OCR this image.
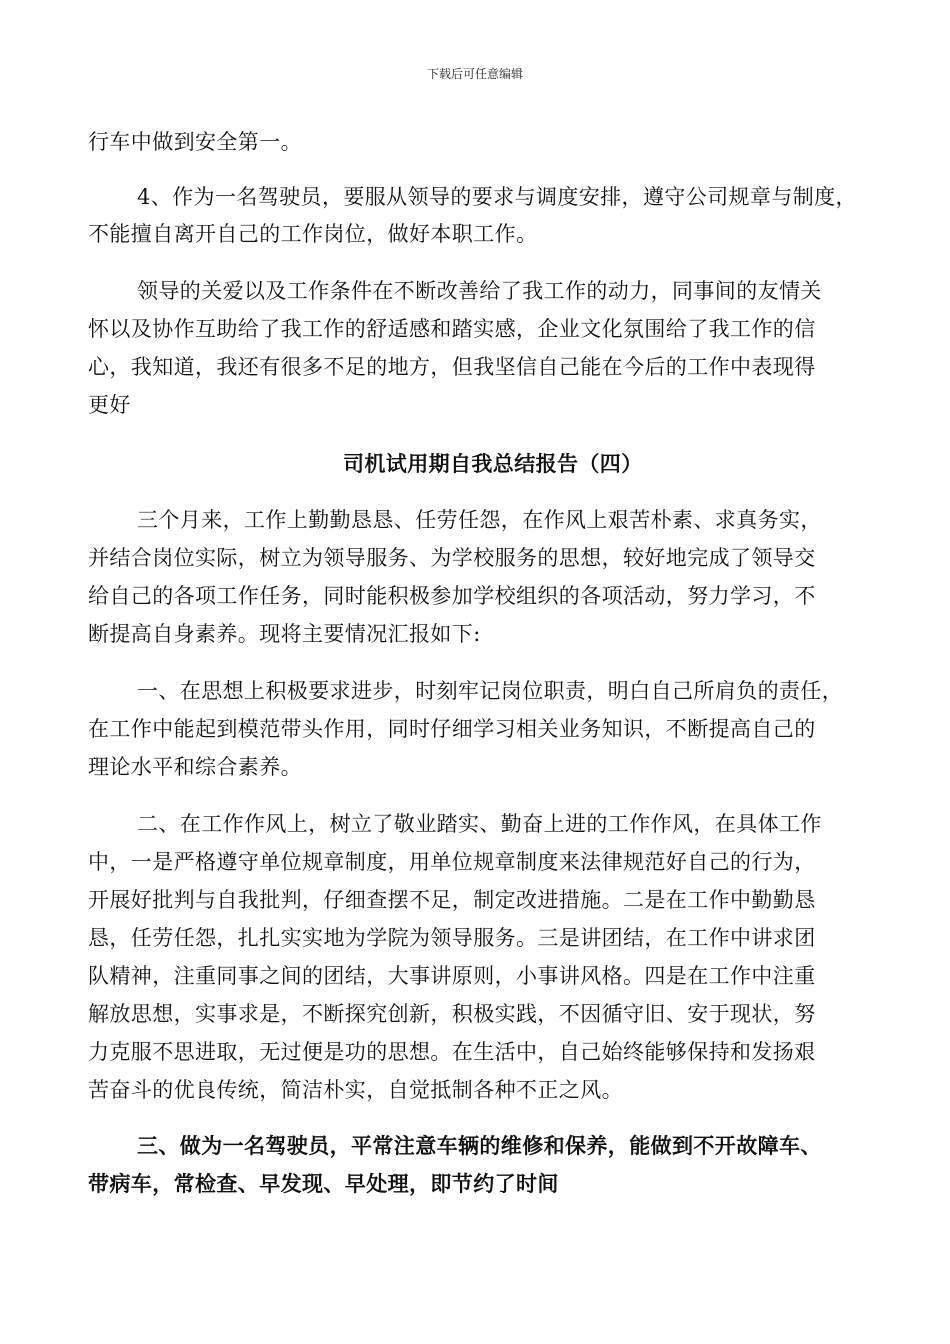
下载后可任意编辑
行车中做到安全第一。
4、作为一名驾驶员，要服从领导的要求与调度安排，遵守公司规章与制度，
不能擅自离开自己的工作岗位，做好本职工作。
领导的关爱以及工作条件在不断改善给了我工作的动力，同事间的友情关
怀以及协作互助给了我工作的舒适感和踏实感，企业文化氛围给了我工作的信
心，我知道，我还有很多不足的地方，但我坚信自己能在今后的工作中表现得
更好
司机试用期自我总结报告（四）
三个月来，工作上勤勤恳恳、任劳任怨，在作风上艰苦朴素、求真务实，
并结合岗位实际，树立为领导服务、为学校服务的思想，较好地完成了领导交
给自己的各项工作任务，同时能积极参加学校组织的各项活动，努力学习，不
断提高自身素养。现将主要情况汇报如下:
一、在思想上积极要求进步，时刻牢记岗位职责，明白自己所肩负的责任，
在工作中能起到模范带头作用，同时仔细学习相关业务知识，不断提高自己的
理论水平和综合素养。
二、在工作作风上，树立了敬业踏实、勤奋上进的工作作风，在具体工作
中，一是严格遵守单位规章制度，用单位规章制度来法律规范好自己的行为，
开展好批判与自我批判，仔细查摆不足，制定改进措施。二是在工作中勤勤恳
恳，任劳任怨，扎扎实实地为学院为领导服务。三是讲团结，在工作中讲求团
队精神，注重同事之间的团结，大事讲原则，小事讲风格。四是在工作中注重
解放思想，实事求是，不断探究创新，积极实践，不因循守旧、安于现状，努
力克服不思进取，无过便是功的思想。在生活中，自己始终能够保持和发扬艰
苦奋斗的优良传统，简洁朴实，自觉抵制各种不正之风。
三、做为一名驾驶员，平常注意车辆的维修和保养，能做到不开故障车、
带病车，常检查、早发现、早处理，即节约了时间
